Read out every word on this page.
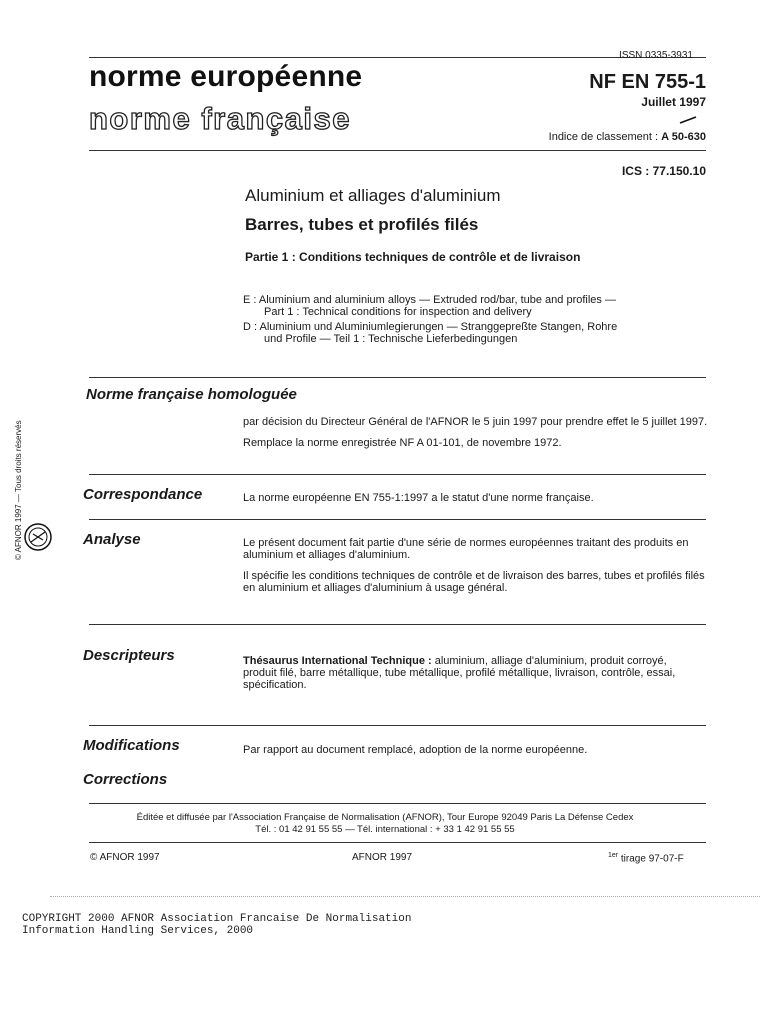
ISSN 0335-3931
norme européenne
norme française
NF EN 755-1
Juillet 1997
Indice de classement : A 50-630
ICS : 77.150.10
Aluminium et alliages d'aluminium
Barres, tubes et profilés filés
Partie 1 : Conditions techniques de contrôle et de livraison
E : Aluminium and aluminium alloys — Extruded rod/bar, tube and profiles —
Part 1 : Technical conditions for inspection and delivery
D : Aluminium und Aluminiumlegierungen — Stranggepreßte Stangen, Rohre
und Profile — Teil 1 : Technische Lieferbedingungen
Norme française homologuée

par décision du Directeur Général de l'AFNOR le 5 juin 1997 pour prendre effet le 5 juillet 1997.

Remplace la norme enregistrée NF A 01-101, de novembre 1972.

Correspondance	La norme européenne EN 755-1:1997 a le statut d'une norme française.

Analyse	Le présent document fait partie d'une série de normes européennes traitant des produits en aluminium et alliages d'aluminium.

Il spécifie les conditions techniques de contrôle et de livraison des barres, tubes et profilés filés en aluminium et alliages d'aluminium à usage général.

Descripteurs	Thésaurus International Technique : aluminium, alliage d'aluminium, produit corroyé, produit filé, barre métallique, tube métallique, profilé métallique, livraison, contrôle, essai, spécification.

Modifications	Par rapport au document remplacé, adoption de la norme européenne.

Corrections
Éditée et diffusée par l'Association Française de Normalisation (AFNOR), Tour Europe 92049 Paris La Défense Cedex
Tél. : 01 42 91 55 55 — Tél. international : + 33 1 42 91 55 55
© AFNOR 1997	AFNOR 1997	$^{1er}$ tirage 97-07-F
© AFNOR 1997 — Tous droits réservés
COPYRIGHT 2000 AFNOR Association Francaise De Normalisation
Information Handling Services, 2000
